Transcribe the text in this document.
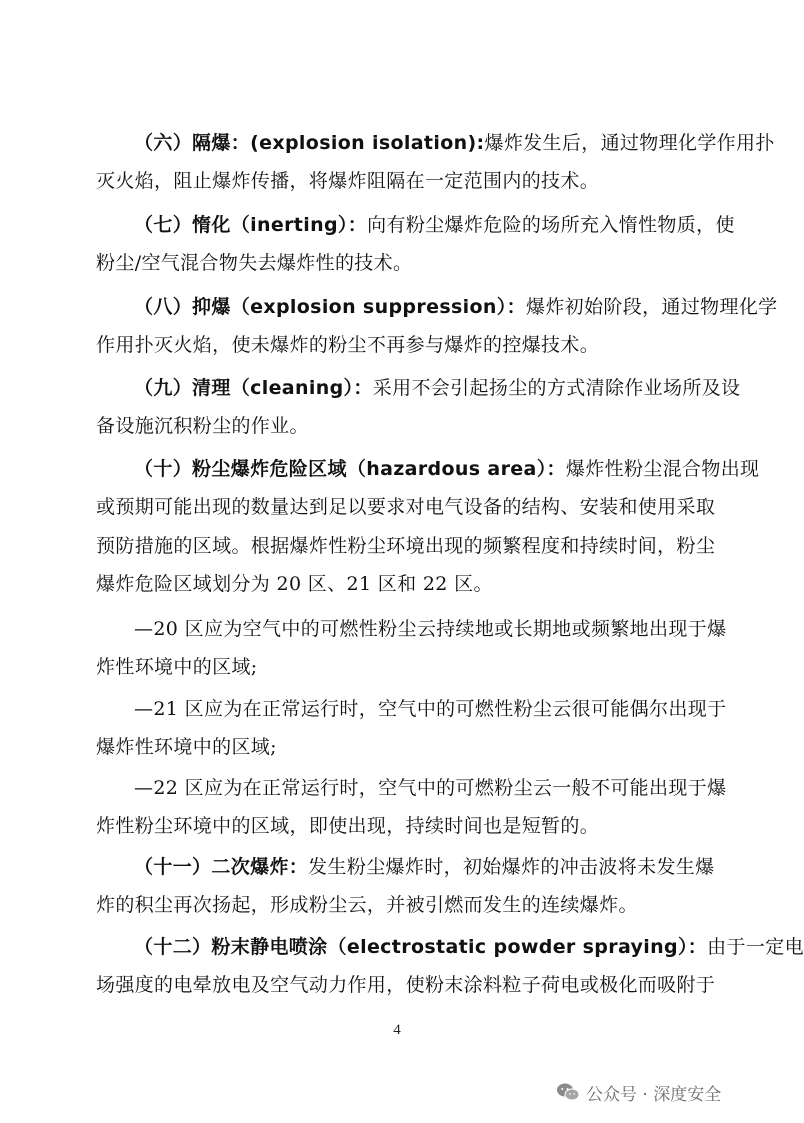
（六）隔爆：(explosion isolation):爆炸发生后，通过物理化学作用扑
灭火焰，阻止爆炸传播，将爆炸阻隔在一定范围内的技术。
（七）惰化（inerting）：向有粉尘爆炸危险的场所充入惰性物质，使
粉尘/空气混合物失去爆炸性的技术。
（八）抑爆（explosion suppression）：爆炸初始阶段，通过物理化学
作用扑灭火焰，使未爆炸的粉尘不再参与爆炸的控爆技术。
（九）清理（cleaning）：采用不会引起扬尘的方式清除作业场所及设
备设施沉积粉尘的作业。
（十）粉尘爆炸危险区域（hazardous area）：爆炸性粉尘混合物出现
或预期可能出现的数量达到足以要求对电气设备的结构、安装和使用采取
预防措施的区域。根据爆炸性粉尘环境出现的频繁程度和持续时间，粉尘
爆炸危险区域划分为 20 区、21 区和 22 区。
—20 区应为空气中的可燃性粉尘云持续地或长期地或频繁地出现于爆
炸性环境中的区域;
—21 区应为在正常运行时，空气中的可燃性粉尘云很可能偶尔出现于
爆炸性环境中的区域;
—22 区应为在正常运行时，空气中的可燃粉尘云一般不可能出现于爆
炸性粉尘环境中的区域，即使出现，持续时间也是短暂的。
（十一）二次爆炸：发生粉尘爆炸时，初始爆炸的冲击波将未发生爆
炸的积尘再次扬起，形成粉尘云，并被引燃而发生的连续爆炸。
（十二）粉末静电喷涂（electrostatic powder spraying）：由于一定电
场强度的电晕放电及空气动力作用，使粉末涂料粒子荷电或极化而吸附于
4
公众号 · 深度安全
